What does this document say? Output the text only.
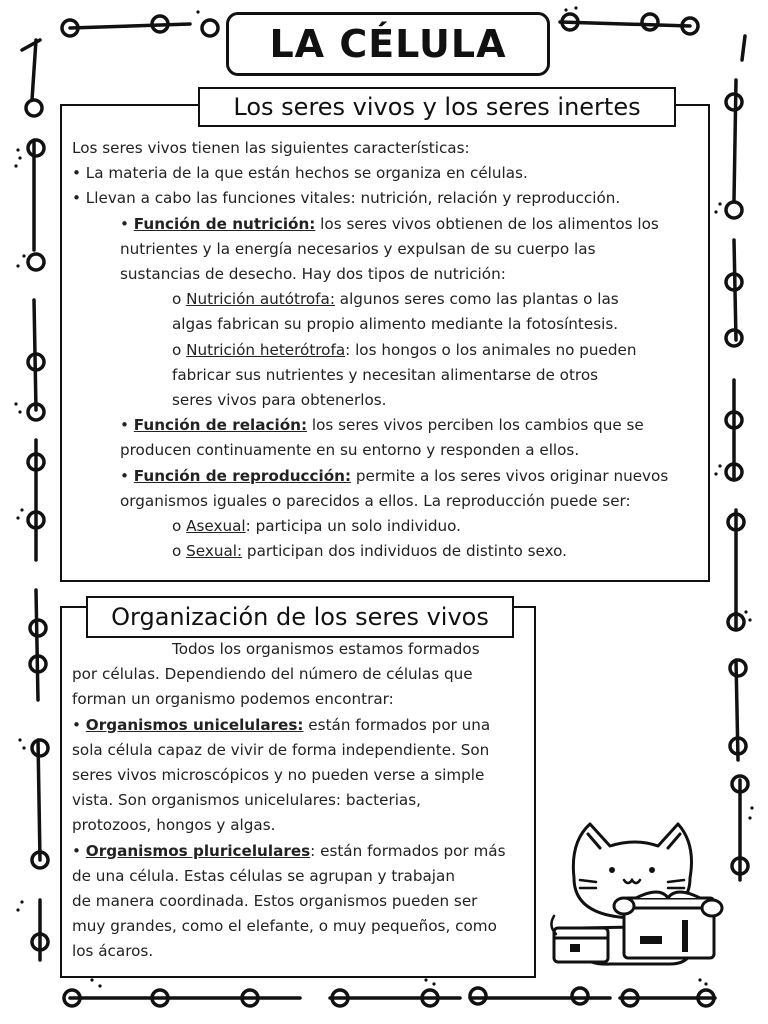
LA CÉLULA
Los seres vivos y los seres inertes

Los seres vivos tienen las siguientes características:

• La materia de la que están hechos se organiza en células.

• Llevan a cabo las funciones vitales: nutrición, relación y reproducción.

• Función de nutrición: los seres vivos obtienen de los alimentos los

nutrientes y la energía necesarios y expulsan de su cuerpo las

sustancias de desecho. Hay dos tipos de nutrición:

o Nutrición autótrofa: algunos seres como las plantas o las

algas fabrican su propio alimento mediante la fotosíntesis.

o Nutrición heterótrofa: los hongos o los animales no pueden

fabricar sus nutrientes y necesitan alimentarse de otros

seres vivos para obtenerlos.

• Función de relación: los seres vivos perciben los cambios que se

producen continuamente en su entorno y responden a ellos.

• Función de reproducción: permite a los seres vivos originar nuevos

organismos iguales o parecidos a ellos. La reproducción puede ser:

o Asexual: participa un solo individuo.

o Sexual: participan dos individuos de distinto sexo.

Organización de los seres vivos

Todos los organismos estamos formados

por células. Dependiendo del número de células que

forman un organismo podemos encontrar:

• Organismos unicelulares: están formados por una

sola célula capaz de vivir de forma independiente. Son

seres vivos microscópicos y no pueden verse a simple

vista. Son organismos unicelulares: bacterias,

protozoos, hongos y algas.

• Organismos pluricelulares: están formados por más

de una célula. Estas células se agrupan y trabajan

de manera coordinada. Estos organismos pueden ser

muy grandes, como el elefante, o muy pequeños, como

los ácaros.
